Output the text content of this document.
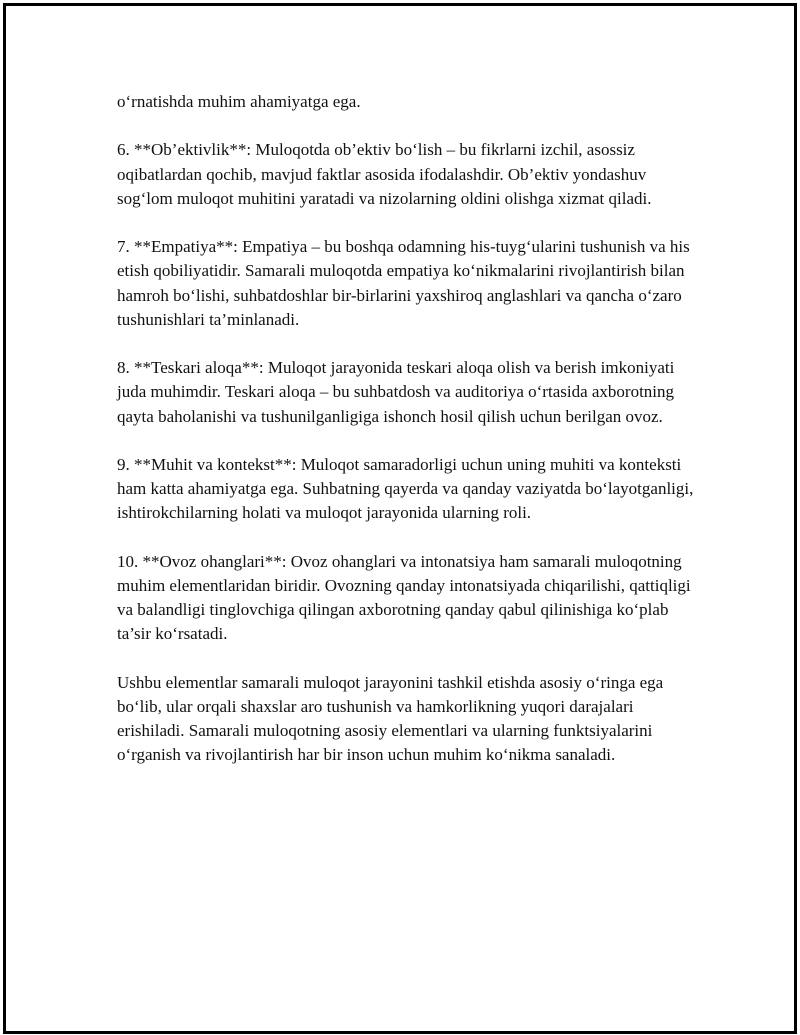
o‘rnatishda muhim ahamiyatga ega.

6. **Ob’ektivlik**: Muloqotda ob’ektiv bo‘lish – bu fikrlarni izchil, asossiz oqibatlardan qochib, mavjud faktlar asosida ifodalashdir. Ob’ektiv yondashuv sog‘lom muloqot muhitini yaratadi va nizolarning oldini olishga xizmat qiladi.

7. **Empatiya**: Empatiya – bu boshqa odamning his-tuyg‘ularini tushunish va his etish qobiliyatidir. Samarali muloqotda empatiya ko‘nikmalarini rivojlantirish bilan hamroh bo‘lishi, suhbatdoshlar bir-birlarini yaxshiroq anglashlari va qancha o‘zaro tushunishlari ta’minlanadi.

8. **Teskari aloqa**: Muloqot jarayonida teskari aloqa olish va berish imkoniyati juda muhimdir. Teskari aloqa – bu suhbatdosh va auditoriya o‘rtasida axborotning qayta baholanishi va tushunilganligiga ishonch hosil qilish uchun berilgan ovoz.

9. **Muhit va kontekst**: Muloqot samaradorligi uchun uning muhiti va konteksti ham katta ahamiyatga ega. Suhbatning qayerda va qanday vaziyatda bo‘layotganligi, ishtirokchilarning holati va muloqot jarayonida ularning roli.

10. **Ovoz ohanglari**: Ovoz ohanglari va intonatsiya ham samarali muloqotning muhim elementlaridan biridir. Ovozning qanday intonatsiyada chiqarilishi, qattiqligi va balandligi tinglovchiga qilingan axborotning qanday qabul qilinishiga ko‘plab ta’sir ko‘rsatadi.

Ushbu elementlar samarali muloqot jarayonini tashkil etishda asosiy o‘ringa ega bo‘lib, ular orqali shaxslar aro tushunish va hamkorlikning yuqori darajalari erishiladi. Samarali muloqotning asosiy elementlari va ularning funktsiyalarini o‘rganish va rivojlantirish har bir inson uchun muhim ko‘nikma sanaladi.
